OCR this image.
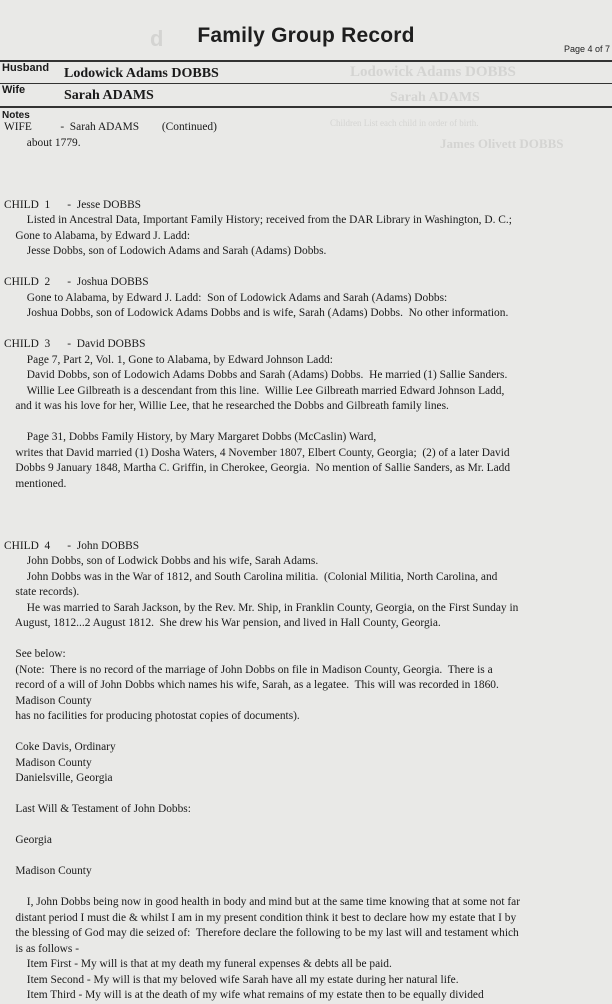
Lodowick Adams DOBBS
Sarah ADAMS
d
James Olivett DOBBS
Children List each child in order of birth.
Family Group Record
Page 4 of 7
Husband Lodowick Adams DOBBS
Wife	Sarah ADAMS
Notes
WIFE          -  Sarah ADAMS        (Continued)
about 1779.
CHILD  1      -  Jesse DOBBS
Listed in Ancestral Data, Important Family History; received from the DAR Library in Washington, D. C.;
Gone to Alabama, by Edward J. Ladd:
Jesse Dobbs, son of Lodowich Adams and Sarah (Adams) Dobbs.
CHILD  2      -  Joshua DOBBS
Gone to Alabama, by Edward J. Ladd:  Son of Lodowick Adams and Sarah (Adams) Dobbs:
Joshua Dobbs, son of Lodowick Adams Dobbs and is wife, Sarah (Adams) Dobbs.  No other information.
CHILD  3      -  David DOBBS
Page 7, Part 2, Vol. 1, Gone to Alabama, by Edward Johnson Ladd:
David Dobbs, son of Lodowich Adams Dobbs and Sarah (Adams) Dobbs.  He married (1) Sallie Sanders.
Willie Lee Gilbreath is a descendant from this line.  Willie Lee Gilbreath married Edward Johnson Ladd,
and it was his love for her, Willie Lee, that he researched the Dobbs and Gilbreath family lines.
Page 31, Dobbs Family History, by Mary Margaret Dobbs (McCaslin) Ward,
writes that David married (1) Dosha Waters, 4 November 1807, Elbert County, Georgia;  (2) of a later David
Dobbs 9 January 1848, Martha C. Griffin, in Cherokee, Georgia.  No mention of Sallie Sanders, as Mr. Ladd
mentioned.
CHILD  4      -  John DOBBS
John Dobbs, son of Lodwick Dobbs and his wife, Sarah Adams.
John Dobbs was in the War of 1812, and South Carolina militia.  (Colonial Militia, North Carolina, and
state records).
He was married to Sarah Jackson, by the Rev. Mr. Ship, in Franklin County, Georgia, on the First Sunday in
August, 1812...2 August 1812.  She drew his War pension, and lived in Hall County, Georgia.
See below:
(Note:  There is no record of the marriage of John Dobbs on file in Madison County, Georgia.  There is a
record of a will of John Dobbs which names his wife, Sarah, as a legatee.  This will was recorded in 1860.
Madison County
has no facilities for producing photostat copies of documents).
Coke Davis, Ordinary
Madison County
Danielsville, Georgia
Last Will & Testament of John Dobbs:
Georgia
Madison County
I, John Dobbs being now in good health in body and mind but at the same time knowing that at some not far
distant period I must die & whilst I am in my present condition think it best to declare how my estate that I by
the blessing of God may die seized of:  Therefore declare the following to be my last will and testament which
is as follows -
Item First - My will is that at my death my funeral expenses & debts all be paid.
Item Second - My will is that my beloved wife Sarah have all my estate during her natural life.
Item Third - My will is at the death of my wife what remains of my estate then to be equally divided
